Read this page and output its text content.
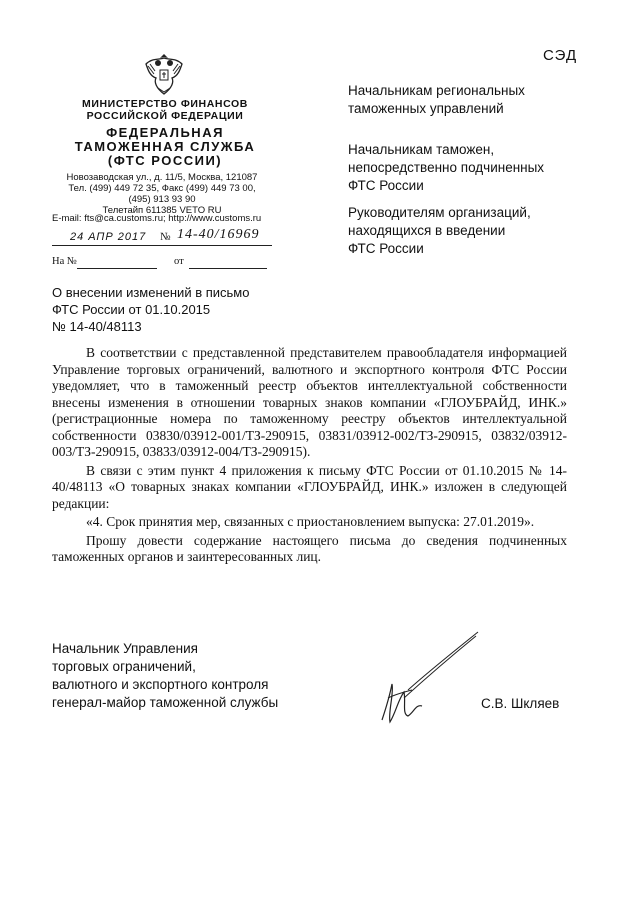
СЭД
МИНИСТЕРСТВО ФИНАНСОВ
РОССИЙСКОЙ ФЕДЕРАЦИИ
ФЕДЕРАЛЬНАЯ
ТАМОЖЕННАЯ СЛУЖБА
(ФТС РОССИИ)
Новозаводская ул., д. 11/5, Москва, 121087
Тел. (499) 449 72 35, Факс (499) 449 73 00,
(495) 913 93 90
Телетайп 611385 VETO RU
E-mail: fts@ca.customs.ru; http://www.customs.ru
24 АПР 2017 № 14-40/16969
На №	от
Начальникам региональных
таможенных управлений
Начальникам таможен,
непосредственно подчиненных
ФТС России
Руководителям организаций,
находящихся в введении
ФТС России
О внесении изменений в письмо
ФТС России от 01.10.2015
№ 14-40/48113

В соответствии с представленной представителем правообладателя информацией Управление торговых ограничений, валютного и экспортного контроля ФТС России уведомляет, что в таможенный реестр объектов интеллектуальной собственности внесены изменения в отношении товарных знаков компании «ГЛОУБРАЙД, ИНК.» (регистрационные номера по таможенному реестру объектов интеллектуальной собственности 03830/03912-001/ТЗ-290915, 03831/03912-002/ТЗ-290915, 03832/03912-003/ТЗ-290915, 03833/03912-004/ТЗ-290915).

В связи с этим пункт 4 приложения к письму ФТС России от 01.10.2015 № 14-40/48113 «О товарных знаках компании «ГЛОУБРАЙД, ИНК.» изложен в следующей редакции:

«4. Срок принятия мер, связанных с приостановлением выпуска: 27.01.2019».

Прошу довести содержание настоящего письма до сведения подчиненных таможенных органов и заинтересованных лиц.

Начальник Управления
торговых ограничений,
валютного и экспортного контроля
генерал-майор таможенной службы	С.В. Шкляев
